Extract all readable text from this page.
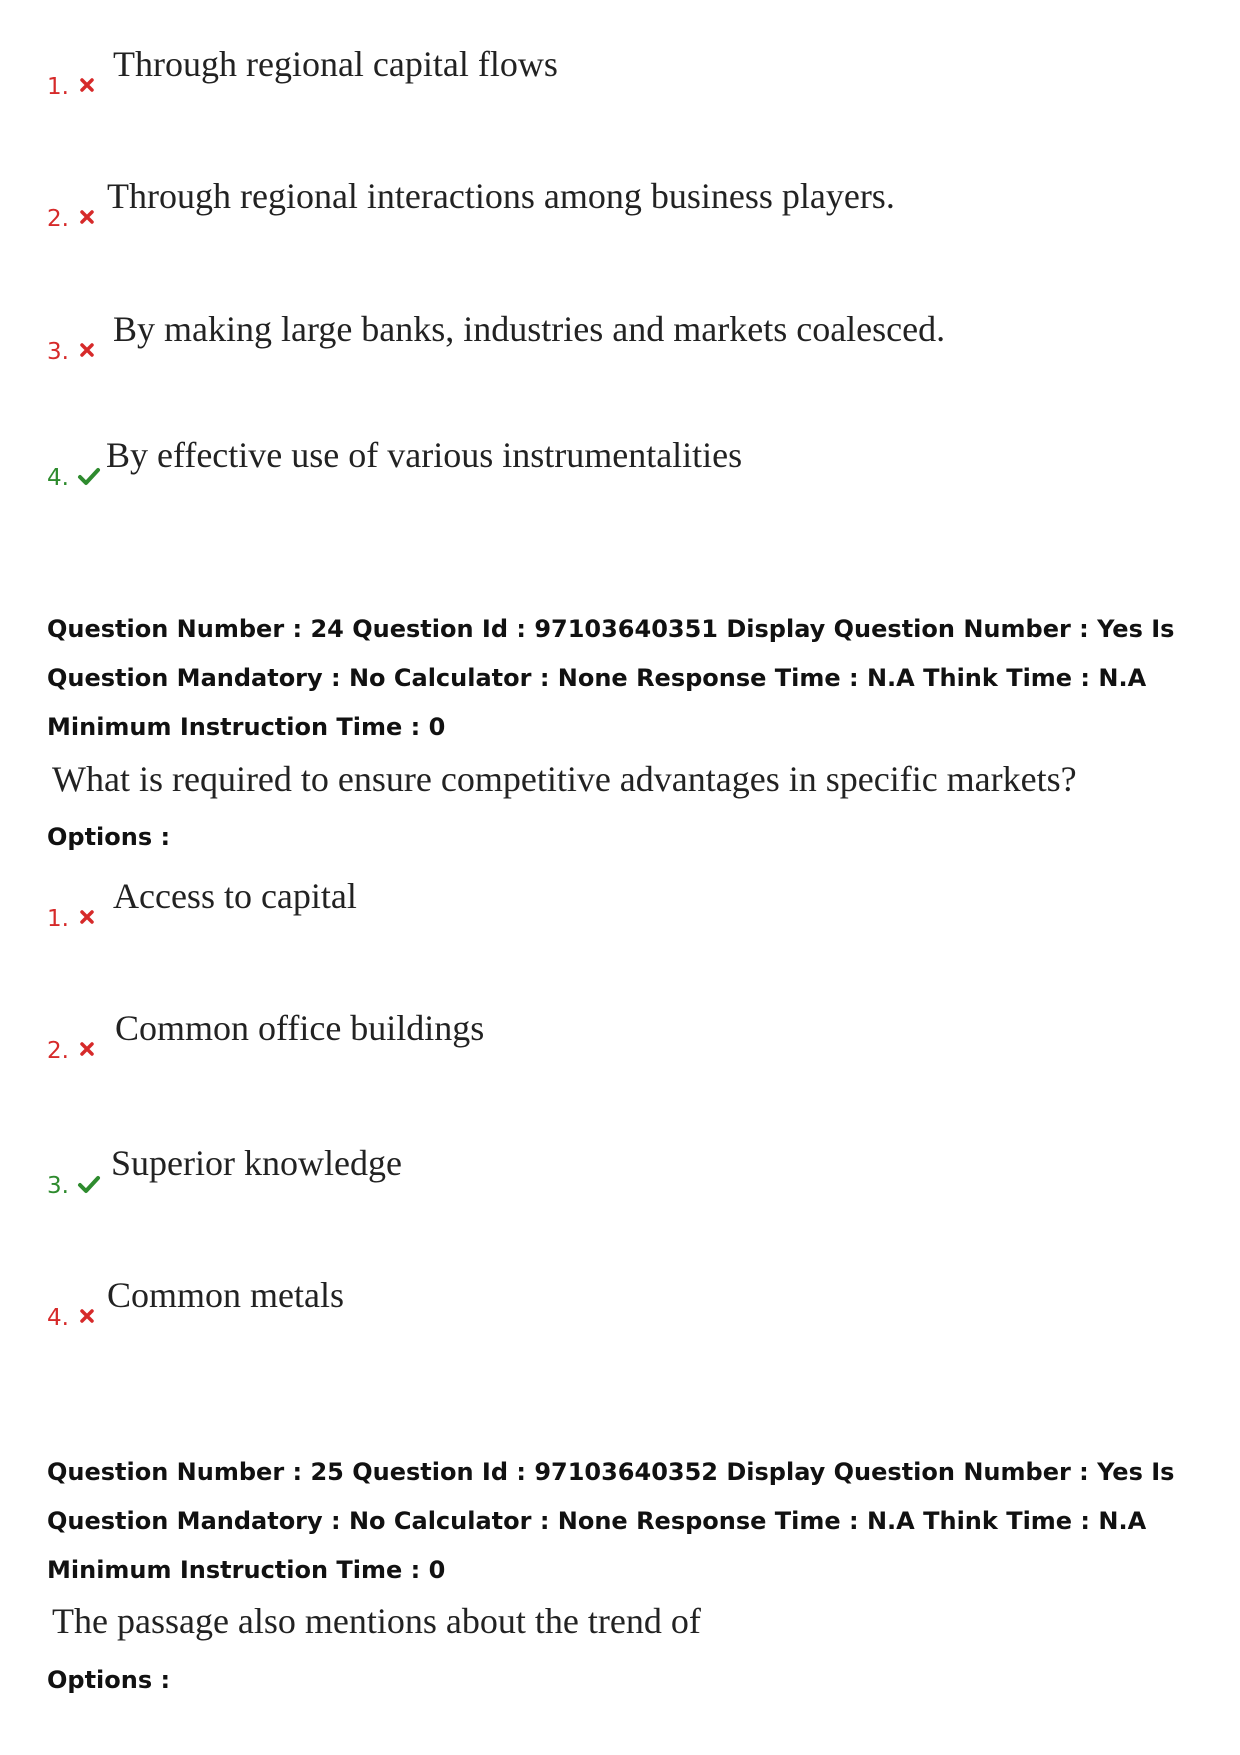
1.
Through regional capital flows
2.
Through regional interactions among business players.
3.
By making large banks, industries and markets coalesced.
4.
By effective use of various instrumentalities

Question Number : 24 Question Id : 97103640351 Display Question Number : Yes Is Question Mandatory : No Calculator : None Response Time : N.A Think Time : N.A Minimum Instruction Time : 0

What is required to ensure competitive advantages in specific markets?
Options :
1.
Access to capital
2.
Common office buildings
3.
Superior knowledge
4.
Common metals

Question Number : 25 Question Id : 97103640352 Display Question Number : Yes Is Question Mandatory : No Calculator : None Response Time : N.A Think Time : N.A Minimum Instruction Time : 0

The passage also mentions about the trend of
Options :
